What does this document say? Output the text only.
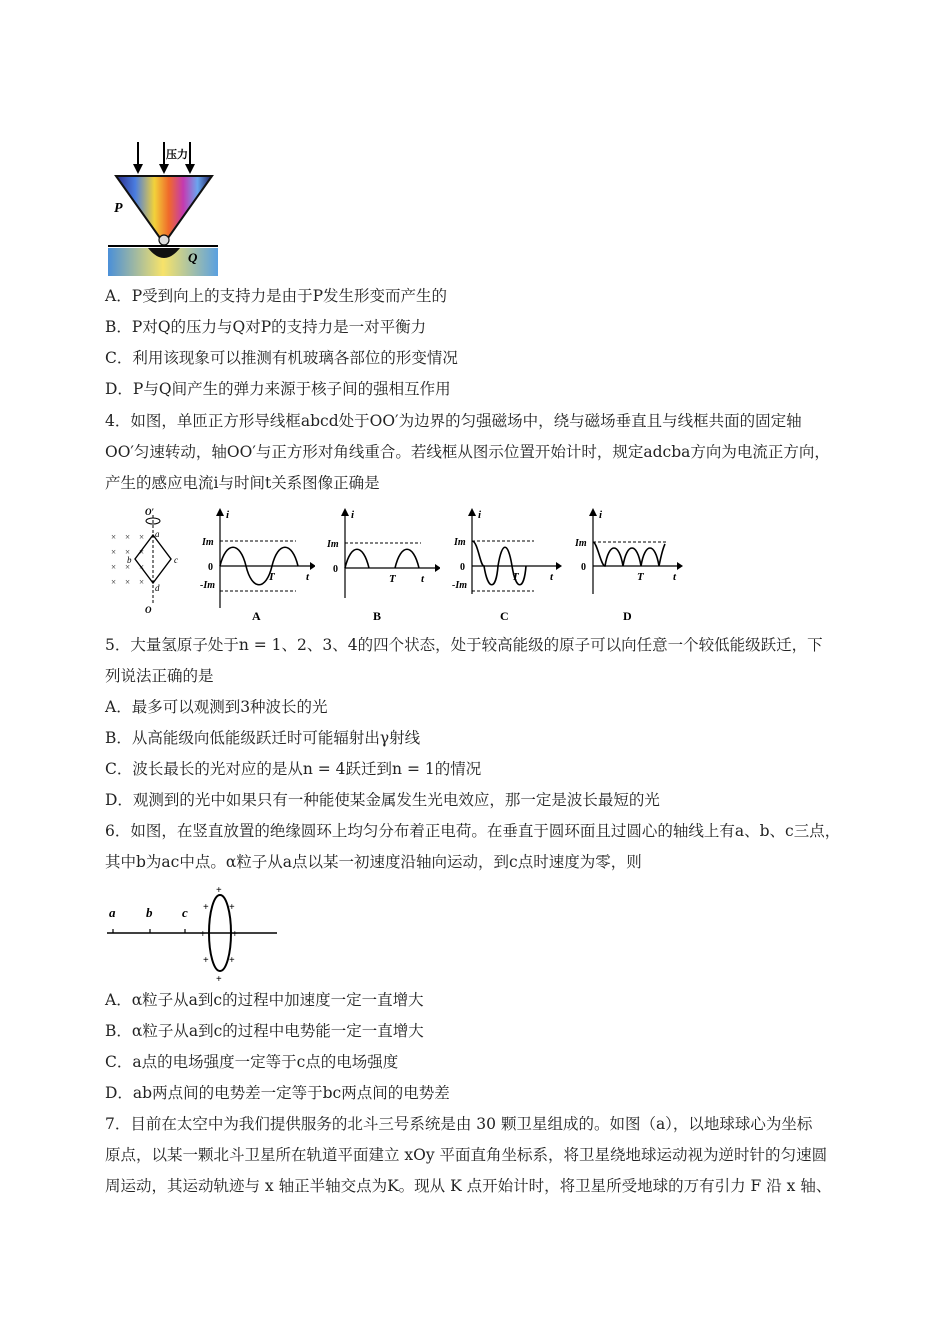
压力
P
Q
A．P受到向上的支持力是由于P发生形变而产生的
B．P对Q的压力与Q对P的支持力是一对平衡力
C．利用该现象可以推测有机玻璃各部位的形变情况
D．P与Q间产生的弹力来源于核子间的强相互作用
4．如图，单匝正方形导线框abcd处于OO′为边界的匀强磁场中，绕与磁场垂直且与线框共面的固定轴
OO′匀速转动，轴OO′与正方形对角线重合。若线框从图示位置开始计时，规定adcba方向为电流正方向，
产生的感应电流i与时间t关系图像正确是
× × ×
× × ×
× × ×
× × ×
O′
O
a
b	c
d
i
Im
0
-Im
T	t
A
i
Im
0
T t
B
i
Im
0
-Im
T	t
C
i
Im
0
T	t
D
5．大量氢原子处于n = 1、2、3、4的四个状态，处于较高能级的原子可以向任意一个较低能级跃迁，下
列说法正确的是
A．最多可以观测到3种波长的光
B．从高能级向低能级跃迁时可能辐射出γ射线
C．波长最长的光对应的是从n = 4跃迁到n = 1的情况
D．观测到的光中如果只有一种能使某金属发生光电效应，那一定是波长最短的光
6．如图，在竖直放置的绝缘圆环上均匀分布着正电荷。在垂直于圆环面且过圆心的轴线上有a、b、c三点，
其中b为ac中点。α粒子从a点以某一初速度沿轴向运动，到c点时速度为零，则
a b c
+
+ +
+	+
+ +
+
A．α粒子从a到c的过程中加速度一定一直增大
B．α粒子从a到c的过程中电势能一定一直增大
C．a点的电场强度一定等于c点的电场强度
D．ab两点间的电势差一定等于bc两点间的电势差
7．目前在太空中为我们提供服务的北斗三号系统是由 30 颗卫星组成的。如图（a），以地球球心为坐标
原点，以某一颗北斗卫星所在轨道平面建立 xOy 平面直角坐标系，将卫星绕地球运动视为逆时针的匀速圆
周运动，其运动轨迹与 x 轴正半轴交点为K。现从 K 点开始计时，将卫星所受地球的万有引力 F 沿 x 轴、
